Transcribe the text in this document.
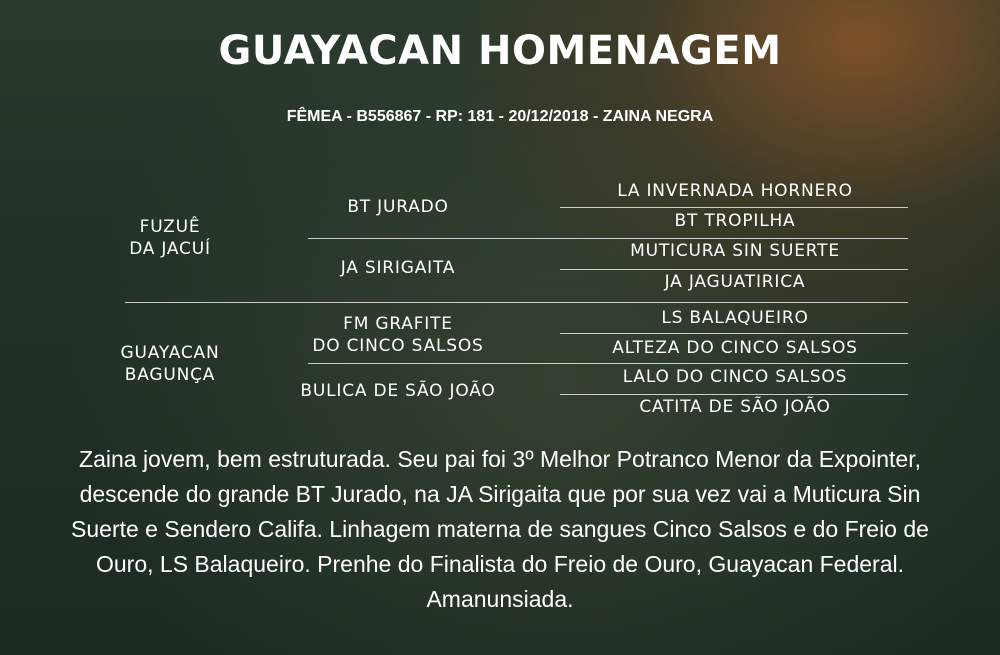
GUAYACAN HOMENAGEM
FÊMEA - B556867 - RP: 181 - 20/12/2018 - ZAINA NEGRA
FUZUÊ
DA JACUÍ
GUAYACAN
BAGUNÇA
BT JURADO
JA SIRIGAITA
FM GRAFITE
DO CINCO SALSOS
BULICA DE SÃO JOÃO
LA INVERNADA HORNERO
BT TROPILHA
MUTICURA SIN SUERTE
JA JAGUATIRICA
LS BALAQUEIRO
ALTEZA DO CINCO SALSOS
LALO DO CINCO SALSOS
CATITA DE SÃO JOÃO
Zaina jovem, bem estruturada. Seu pai foi 3º Melhor Potranco Menor da Expointer, descende do grande BT Jurado, na JA Sirigaita que por sua vez vai a Muticura Sin Suerte e Sendero Califa. Linhagem materna de sangues Cinco Salsos e do Freio de Ouro, LS Balaqueiro. Prenhe do Finalista do Freio de Ouro, Guayacan Federal. Amanunsiada.
